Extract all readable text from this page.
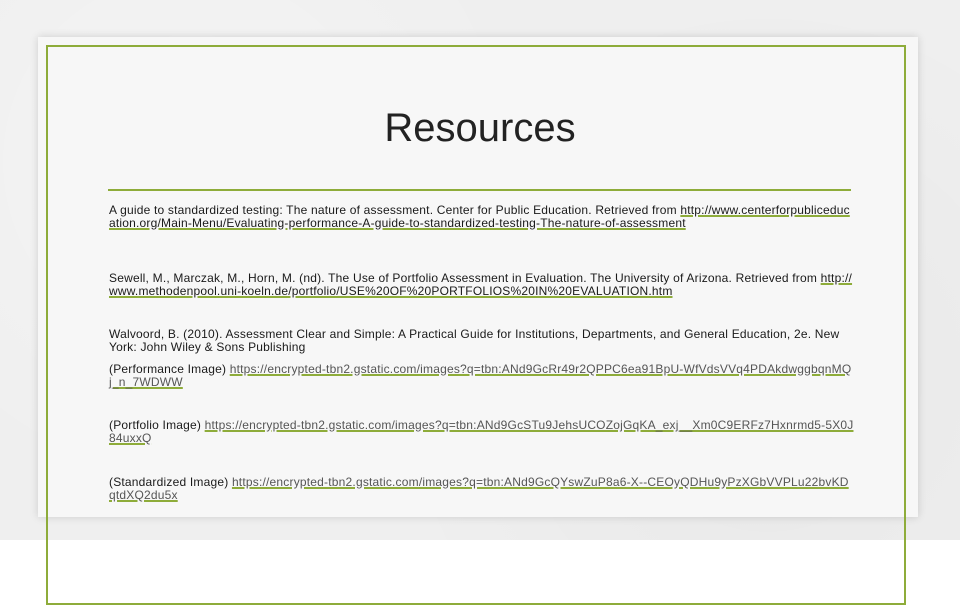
Resources
A guide to standardized testing: The nature of assessment. Center for Public Education. Retrieved from http://www.centerforpubliceducation.org/Main-Menu/Evaluating-performance-A-guide-to-standardized-testing-The-nature-of-assessment
Sewell, M., Marczak, M., Horn, M. (nd). The Use of Portfolio Assessment in Evaluation. The University of Arizona. Retrieved from http://www.methodenpool.uni-koeln.de/portfolio/USE%20OF%20PORTFOLIOS%20IN%20EVALUATION.htm
Walvoord, B. (2010). Assessment Clear and Simple: A Practical Guide for Institutions, Departments, and General Education, 2e. New York: John Wiley & Sons Publishing
(Performance Image) https://encrypted-tbn2.gstatic.com/images?q=tbn:ANd9GcRr49r2QPPC6ea91BpU-WfVdsVVq4PDAkdwggbqnMQj_n_7WDWW
(Portfolio Image) https://encrypted-tbn2.gstatic.com/images?q=tbn:ANd9GcSTu9JehsUCOZojGqKA_exj__Xm0C9ERFz7Hxnrmd5-5X0J84uxxQ
(Standardized Image) https://encrypted-tbn2.gstatic.com/images?q=tbn:ANd9GcQYswZuP8a6-X--CEOyQDHu9yPzXGbVVPLu22bvKDqtdXQ2du5x
